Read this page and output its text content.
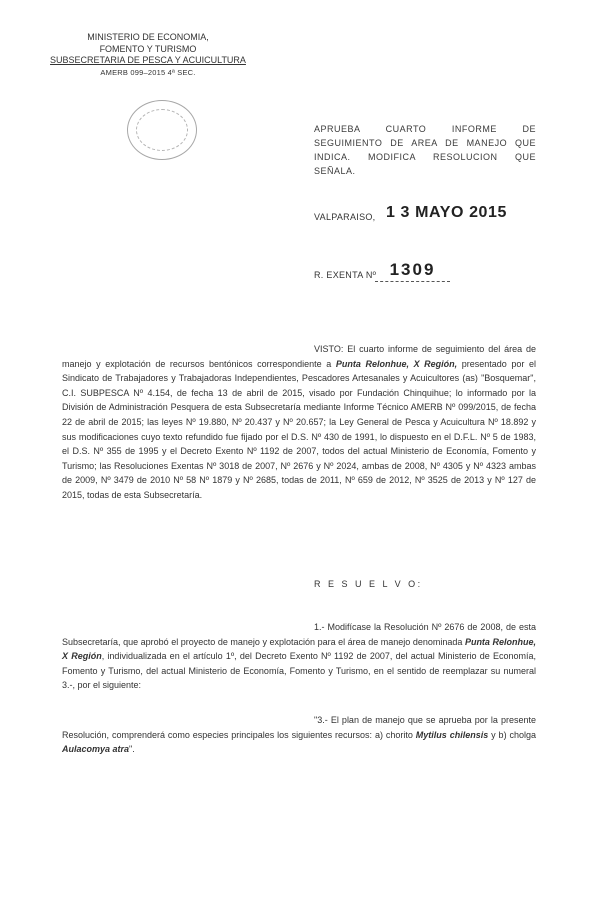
MINISTERIO DE ECONOMIA,
FOMENTO Y TURISMO
SUBSECRETARIA DE PESCA Y ACUICULTURA
AMERB 099–2015 4ª SEC.
APRUEBA CUARTO INFORME DE SEGUIMIENTO DE AREA DE MANEJO QUE INDICA. MODIFICA RESOLUCION QUE SEÑALA.
VALPARAISO, 1 3 MAYO 2015
R. EXENTA Nº 1309
VISTO: El cuarto informe de seguimiento del área de manejo y explotación de recursos bentónicos correspondiente a Punta Relonhue, X Región, presentado por el Sindicato de Trabajadores y Trabajadoras Independientes, Pescadores Artesanales y Acuicultores (as) "Bosquemar", C.I. SUBPESCA Nº 4.154, de fecha 13 de abril de 2015, visado por Fundación Chinquihue; lo informado por la División de Administración Pesquera de esta Subsecretaría mediante Informe Técnico AMERB Nº 099/2015, de fecha 22 de abril de 2015; las leyes Nº 19.880, Nº 20.437 y Nº 20.657; la Ley General de Pesca y Acuicultura Nº 18.892 y sus modificaciones cuyo texto refundido fue fijado por el D.S. Nº 430 de 1991, lo dispuesto en el D.F.L. Nº 5 de 1983, el D.S. Nº 355 de 1995 y el Decreto Exento Nº 1192 de 2007, todos del actual Ministerio de Economía, Fomento y Turismo; las Resoluciones Exentas Nº 3018 de 2007, Nº 2676 y Nº 2024, ambas de 2008, Nº 4305 y Nº 4323 ambas de 2009, Nº 3479 de 2010 Nº 58 Nº 1879 y Nº 2685, todas de 2011, Nº 659 de 2012, Nº 3525 de 2013 y Nº 127 de 2015, todas de esta Subsecretaría.
R E S U E L V O:
1.- Modifícase la Resolución Nº 2676 de 2008, de esta Subsecretaría, que aprobó el proyecto de manejo y explotación para el área de manejo denominada Punta Relonhue, X Región, individualizada en el artículo 1º, del Decreto Exento Nº 1192 de 2007, del actual Ministerio de Economía, Fomento y Turismo, del actual Ministerio de Economía, Fomento y Turismo, en el sentido de reemplazar su numeral 3.-, por el siguiente:
"3.- El plan de manejo que se aprueba por la presente Resolución, comprenderá como especies principales los siguientes recursos: a) chorito Mytilus chilensis y b) cholga Aulacomya atra".
